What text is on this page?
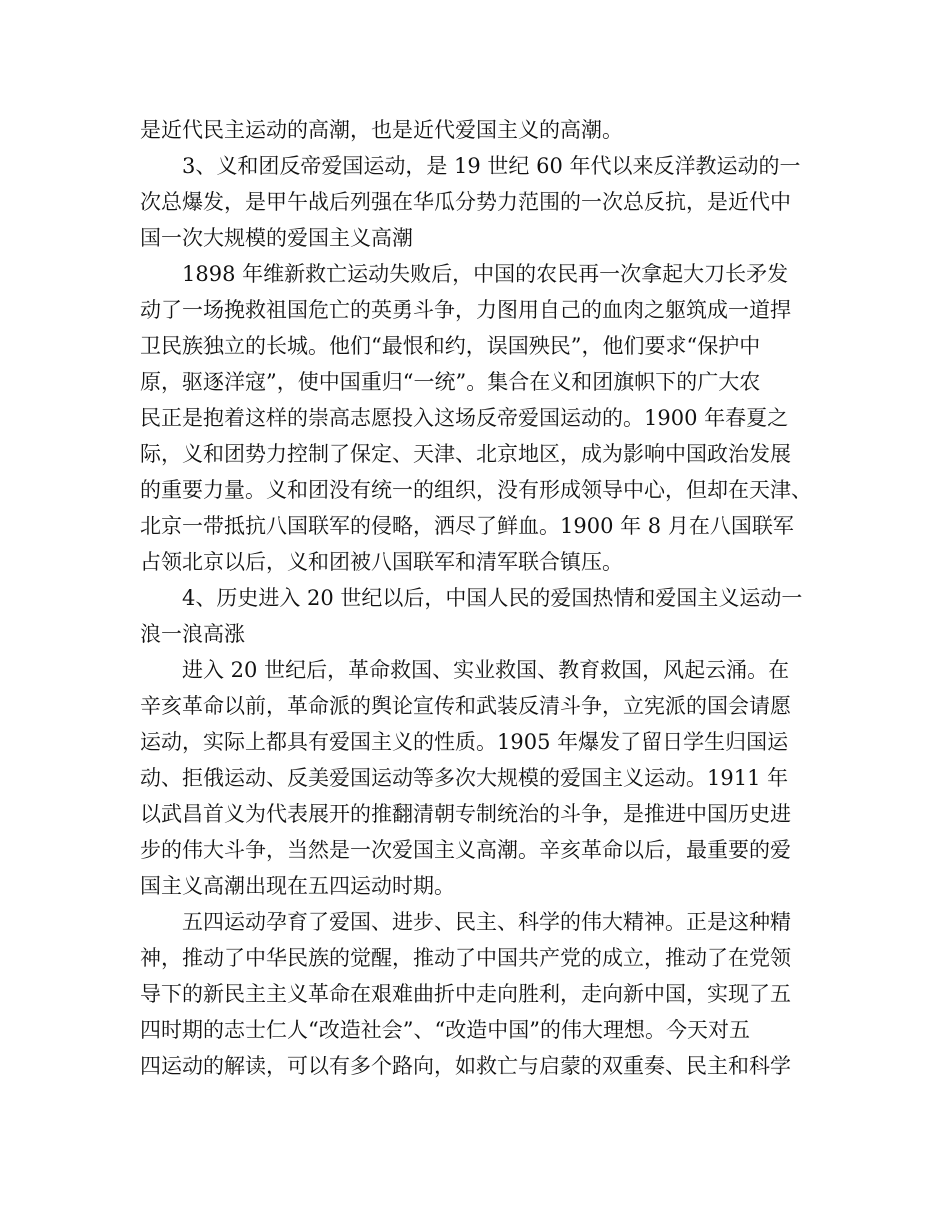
是近代民主运动的高潮，也是近代爱国主义的高潮。
3、义和团反帝爱国运动，是 19 世纪 60 年代以来反洋教运动的一
次总爆发，是甲午战后列强在华瓜分势力范围的一次总反抗，是近代中
国一次大规模的爱国主义高潮
1898 年维新救亡运动失败后，中国的农民再一次拿起大刀长矛发
动了一场挽救祖国危亡的英勇斗争，力图用自己的血肉之躯筑成一道捍
卫民族独立的长城。他们“最恨和约，误国殃民”，他们要求“保护中
原，驱逐洋寇”，使中国重归“一统”。集合在义和团旗帜下的广大农
民正是抱着这样的崇高志愿投入这场反帝爱国运动的。1900 年春夏之
际，义和团势力控制了保定、天津、北京地区，成为影响中国政治发展
的重要力量。义和团没有统一的组织，没有形成领导中心，但却在天津、
北京一带抵抗八国联军的侵略，洒尽了鲜血。1900 年 8 月在八国联军
占领北京以后，义和团被八国联军和清军联合镇压。
4、历史进入 20 世纪以后，中国人民的爱国热情和爱国主义运动一
浪一浪高涨
进入 20 世纪后，革命救国、实业救国、教育救国，风起云涌。在
辛亥革命以前，革命派的舆论宣传和武装反清斗争，立宪派的国会请愿
运动，实际上都具有爱国主义的性质。1905 年爆发了留日学生归国运
动、拒俄运动、反美爱国运动等多次大规模的爱国主义运动。1911 年
以武昌首义为代表展开的推翻清朝专制统治的斗争，是推进中国历史进
步的伟大斗争，当然是一次爱国主义高潮。辛亥革命以后，最重要的爱
国主义高潮出现在五四运动时期。
五四运动孕育了爱国、进步、民主、科学的伟大精神。正是这种精
神，推动了中华民族的觉醒，推动了中国共产党的成立，推动了在党领
导下的新民主主义革命在艰难曲折中走向胜利，走向新中国，实现了五
四时期的志士仁人“改造社会”、“改造中国”的伟大理想。今天对五
四运动的解读，可以有多个路向，如救亡与启蒙的双重奏、民主和科学
